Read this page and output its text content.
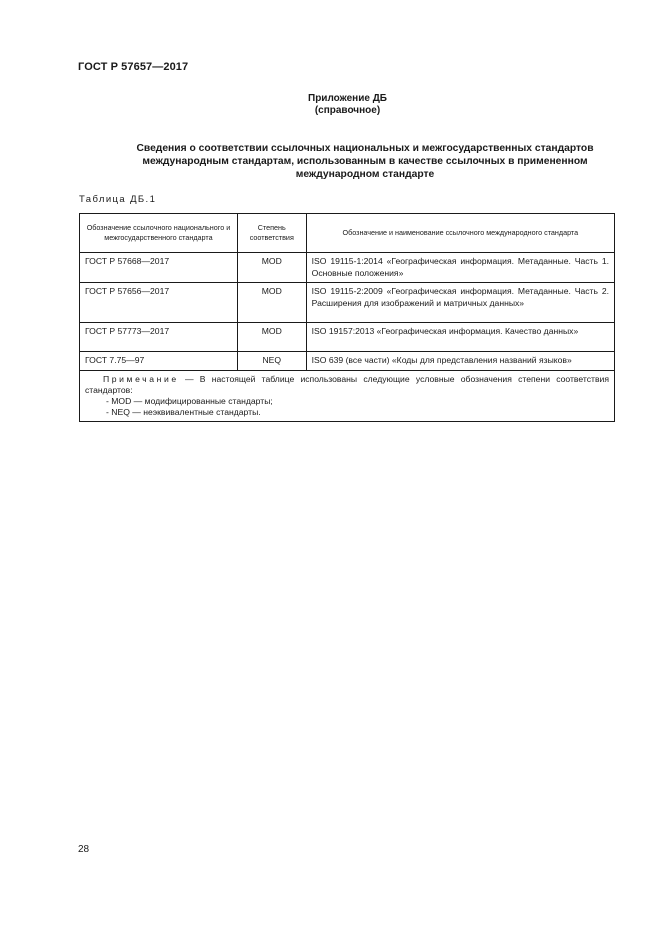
ГОСТ Р 57657—2017
Приложение ДБ
(справочное)
Сведения о соответствии ссылочных национальных и межгосударственных стандартов
международным стандартам, использованным в качестве ссылочных в примененном
международном стандарте
Таблица ДБ.1
Обозначение ссылочного национального и межгосударственного стандарта	Степень соответствия	Обозначение и наименование ссылочного международного стандарта
ГОСТ Р 57668—2017	MOD	ISO 19115-1:2014 «Географическая информация. Метаданные. Часть 1. Основные положения»
ГОСТ Р 57656—2017	MOD	ISO 19115-2:2009 «Географическая информация. Метаданные. Часть 2. Расширения для изображений и матричных данных»
ГОСТ Р 57773—2017	MOD	ISO 19157:2013 «Географическая информация. Качество данных»
ГОСТ 7.75—97	NEQ	ISO 639 (все части) «Коды для представления названий языков»

Примечание — В настоящей таблице использованы следующие условные обозначения степени соответствия стандартов:
- MOD — модифицированные стандарты;
- NEQ — неэквивалентные стандарты.		
28
